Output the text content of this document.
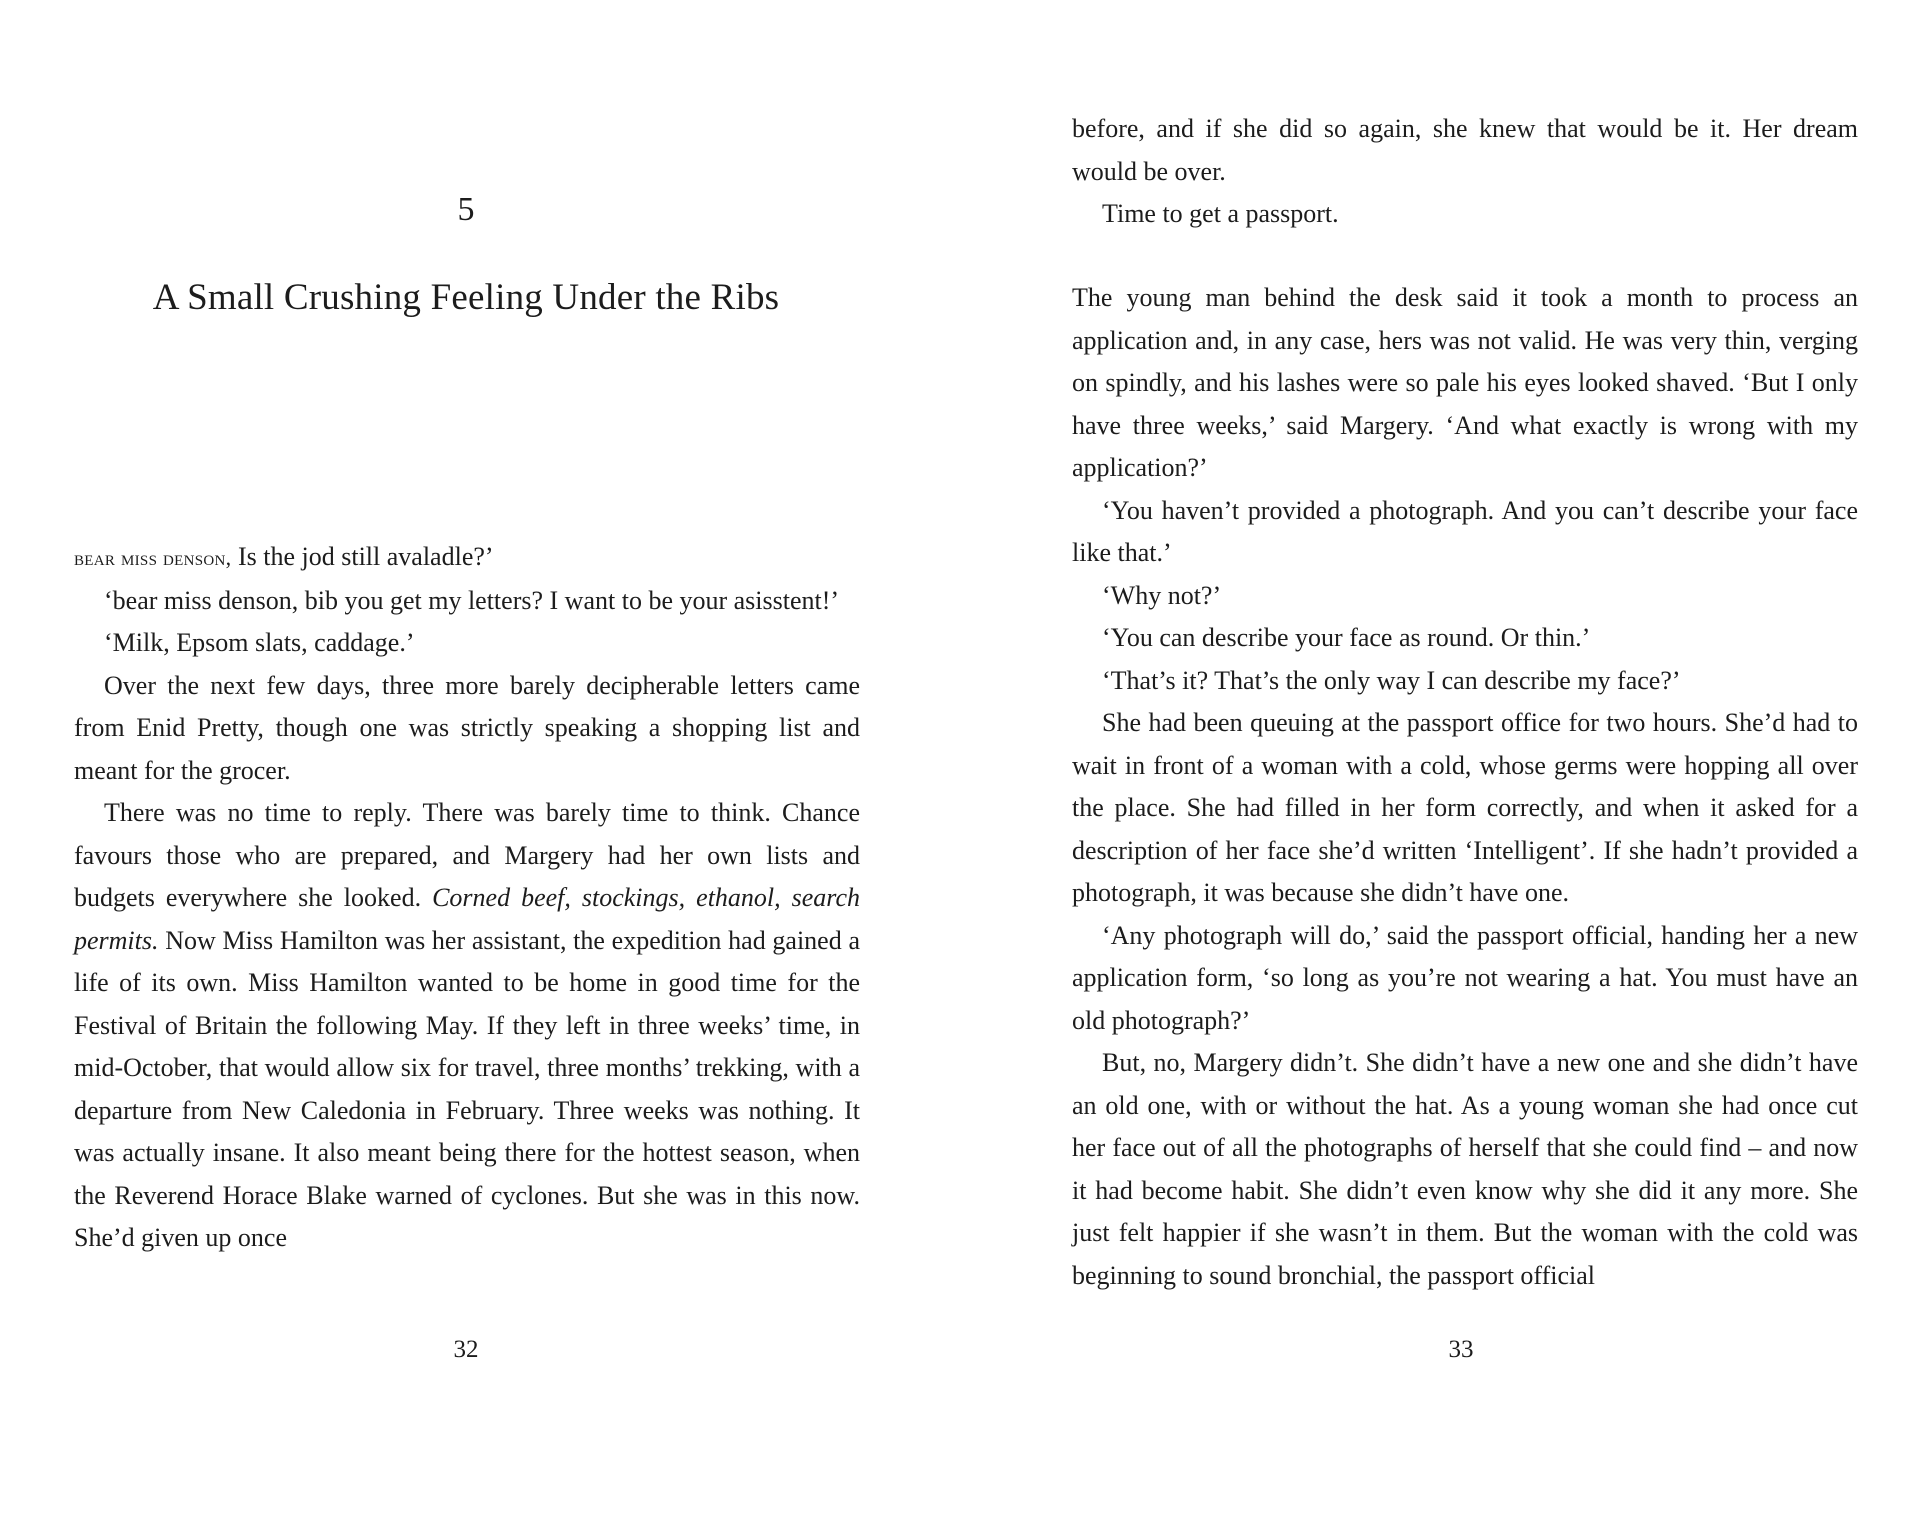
5
A Small Crushing Feeling Under the Ribs

bear miss denson, Is the jod still avaladle?’

‘bear miss denson, bib you get my letters? I want to be your asisstent!’

‘Milk, Epsom slats, caddage.’

Over the next few days, three more barely decipherable letters came from Enid Pretty, though one was strictly speaking a shopping list and meant for the grocer.

There was no time to reply. There was barely time to think. Chance favours those who are prepared, and Margery had her own lists and budgets everywhere she looked. Corned beef, stockings, ethanol, search permits. Now Miss Hamilton was her assistant, the expedition had gained a life of its own. Miss Hamilton wanted to be home in good time for the Festival of Britain the following May. If they left in three weeks’ time, in mid-October, that would allow six for travel, three months’ trekking, with a departure from New Caledonia in February. Three weeks was nothing. It was actually insane. It also meant being there for the hottest season, when the Reverend Horace Blake warned of cyclones. But she was in this now. She’d given up once

32

before, and if she did so again, she knew that would be it. Her dream would be over.

Time to get a passport.

The young man behind the desk said it took a month to process an application and, in any case, hers was not valid. He was very thin, verging on spindly, and his lashes were so pale his eyes looked shaved. ‘But I only have three weeks,’ said Margery. ‘And what exactly is wrong with my application?’

‘You haven’t provided a photograph. And you can’t describe your face like that.’

‘Why not?’

‘You can describe your face as round. Or thin.’

‘That’s it? That’s the only way I can describe my face?’

She had been queuing at the passport office for two hours. She’d had to wait in front of a woman with a cold, whose germs were hopping all over the place. She had filled in her form correctly, and when it asked for a description of her face she’d written ‘Intelligent’. If she hadn’t provided a photograph, it was because she didn’t have one.

‘Any photograph will do,’ said the passport official, handing her a new application form, ‘so long as you’re not wearing a hat. You must have an old photograph?’

But, no, Margery didn’t. She didn’t have a new one and she didn’t have an old one, with or without the hat. As a young woman she had once cut her face out of all the photographs of herself that she could find – and now it had become habit. She didn’t even know why she did it any more. She just felt happier if she wasn’t in them. But the woman with the cold was beginning to sound bronchial, the passport official

33
